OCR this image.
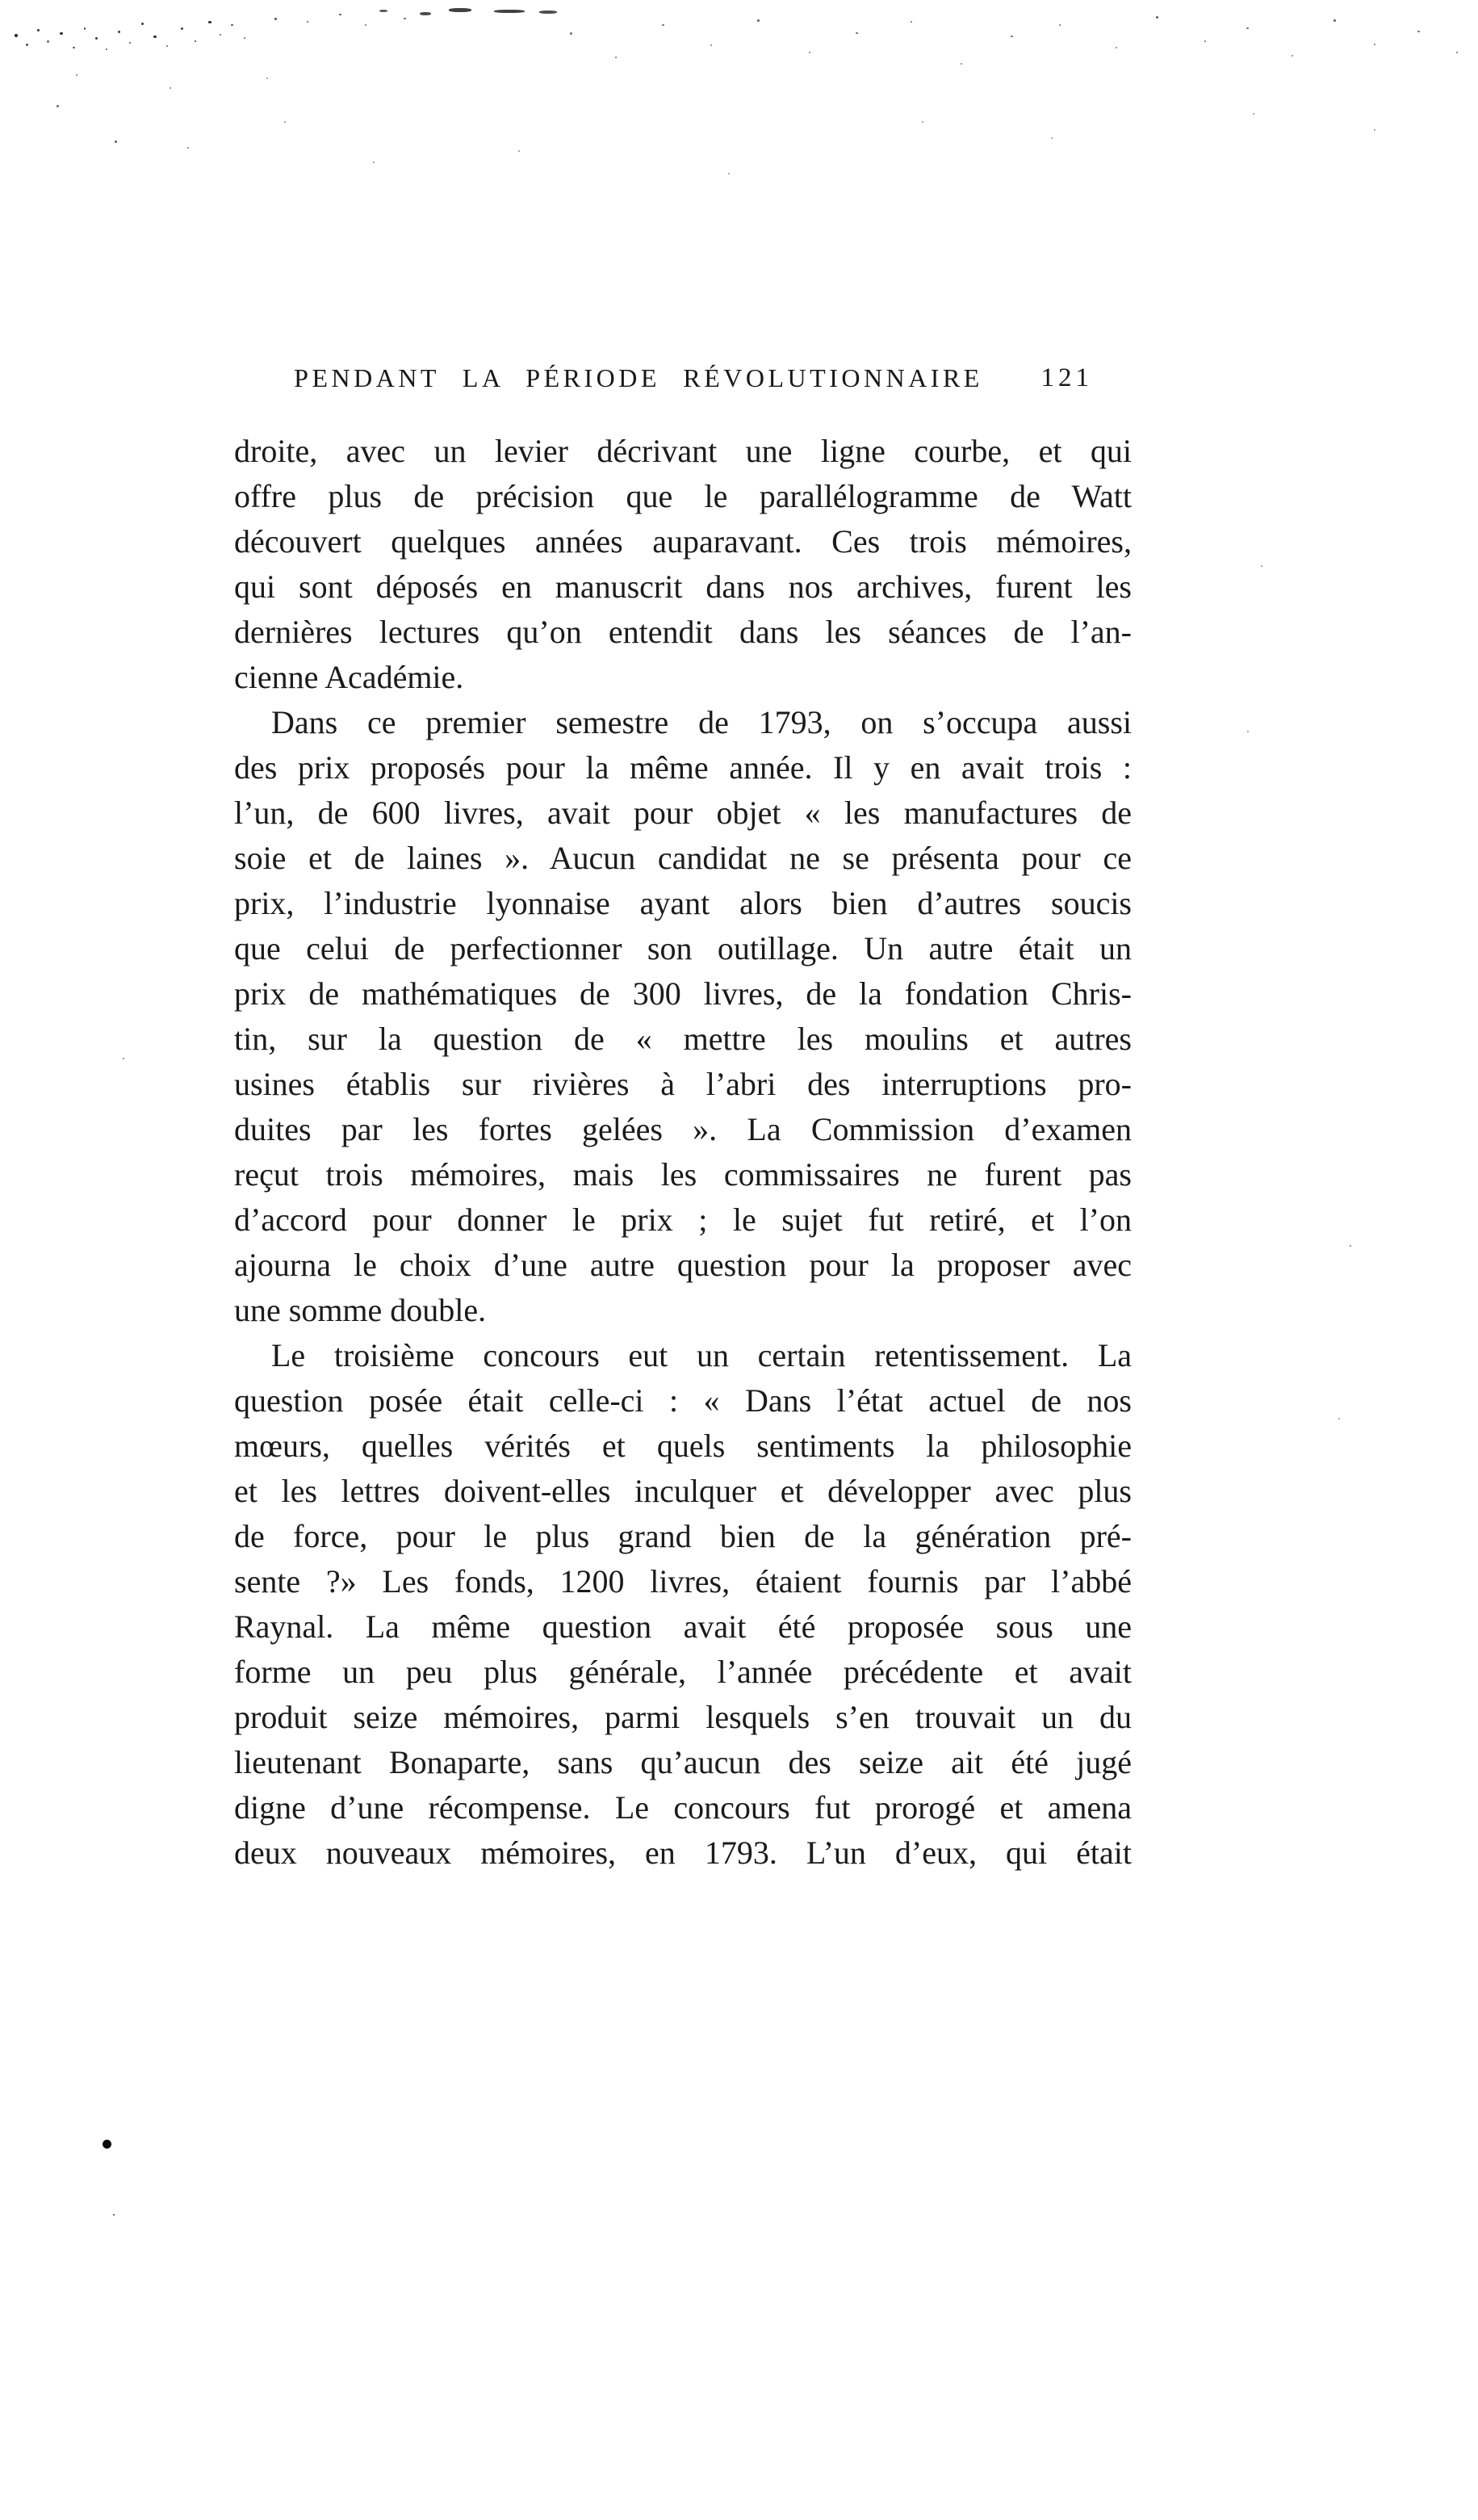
PENDANT LA PÉRIODE RÉVOLUTIONNAIRE	121
droite, avec un levier décrivant une ligne courbe, et qui
offre plus de précision que le parallélogramme de Watt
découvert quelques années auparavant. Ces trois mémoires,
qui sont déposés en manuscrit dans nos archives, furent les
dernières lectures qu’on entendit dans les séances de l’an-
cienne Académie.
Dans ce premier semestre de 1793, on s’occupa aussi
des prix proposés pour la même année. Il y en avait trois :
l’un, de 600 livres, avait pour objet « les manufactures de
soie et de laines ». Aucun candidat ne se présenta pour ce
prix, l’industrie lyonnaise ayant alors bien d’autres soucis
que celui de perfectionner son outillage. Un autre était un
prix de mathématiques de 300 livres, de la fondation Chris-
tin, sur la question de « mettre les moulins et autres
usines établis sur rivières à l’abri des interruptions pro-
duites par les fortes gelées ». La Commission d’examen
reçut trois mémoires, mais les commissaires ne furent pas
d’accord pour donner le prix ; le sujet fut retiré, et l’on
ajourna le choix d’une autre question pour la proposer avec
une somme double.
Le troisième concours eut un certain retentissement. La
question posée était celle-ci : « Dans l’état actuel de nos
mœurs, quelles vérités et quels sentiments la philosophie
et les lettres doivent-elles inculquer et développer avec plus
de force, pour le plus grand bien de la génération pré-
sente ?» Les fonds, 1200 livres, étaient fournis par l’abbé
Raynal. La même question avait été proposée sous une
forme un peu plus générale, l’année précédente et avait
produit seize mémoires, parmi lesquels s’en trouvait un du
lieutenant Bonaparte, sans qu’aucun des seize ait été jugé
digne d’une récompense. Le concours fut prorogé et amena
deux nouveaux mémoires, en 1793. L’un d’eux, qui était
